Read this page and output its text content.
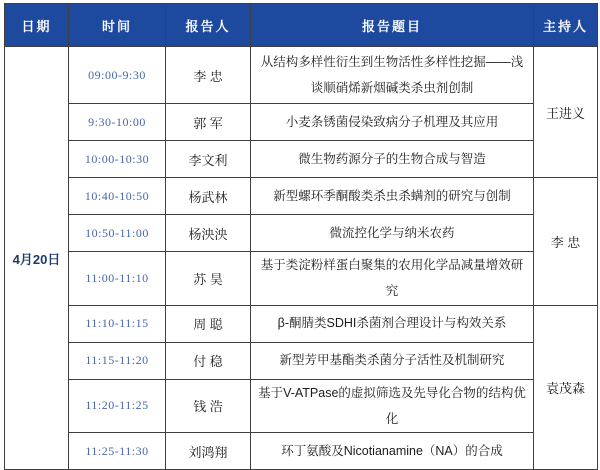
日期	时间	报告人	报告题目	主持人
4月20日	09:00-9:30	李 忠	从结构多样性衍生到生物活性多样性挖掘——浅谈顺硝烯新烟碱类杀虫剂创制	王进义
	9:30-10:00	郭 军	小麦条锈菌侵染致病分子机理及其应用	
	10:00-10:30	李文利	微生物药源分子的生物合成与智造	
	10:40-10:50	杨武林	新型螺环季酮酸类杀虫杀螨剂的研究与创制	李 忠
	10:50-11:00	杨泱泱	微流控化学与纳米农药	
	11:00-11:10	苏 昊	基于类淀粉样蛋白聚集的农用化学品减量增效研究	
	11:10-11:15	周 聪	β-酮腈类SDHI杀菌剂合理设计与构效关系	袁茂森
	11:15-11:20	付 稳	新型芳甲基酯类杀菌分子活性及机制研究	
	11:20-11:25	钱 浩	基于V-ATPase的虚拟筛选及先导化合物的结构优化	
	11:25-11:30	刘鸿翔	环丁氨酸及Nicotianamine（NA）的合成	
